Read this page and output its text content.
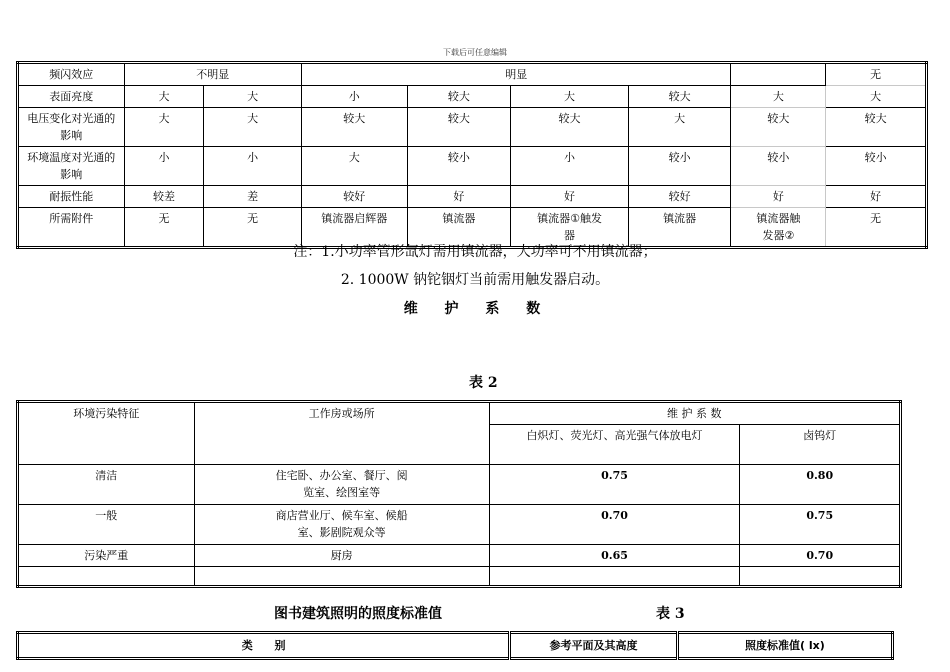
下载后可任意编辑
频闪效应	不明显		明显					无
表面亮度	大	大	小	较大	大	较大	大	大
电压变化对光通的影响	大	大	较大	较大	较大	大	较大	较大
环境温度对光通的影响	小	小	大	较小	小	较小	较小	较小
耐振性能	较差	差	较好	好	好	较好	好	好
所需附件	无	无	镇流器启辉器	镇流器	镇流器①触发器	镇流器	镇流器触发器②	无
注：1.小功率管形氙灯需用镇流器，大功率可不用镇流器；
2. 1000W 钠铊铟灯当前需用触发器启动。
维 护 系 数
表 2
环境污染特征	工作房或场所	维 护 系 数	
		白炽灯、荧光灯、高光强气体放电灯	卤钨灯
清洁	住宅卧、办公室、餐厅、阅览室、绘图室等	0.75	0.80
一般	商店营业厅、候车室、候船室、影剧院观众等	0.70	0.75
污染严重	厨房	0.65	0.70

图书建筑照明的照度标准值	表 3
类 别	参考平面及其高度	照度标准值( lx)
